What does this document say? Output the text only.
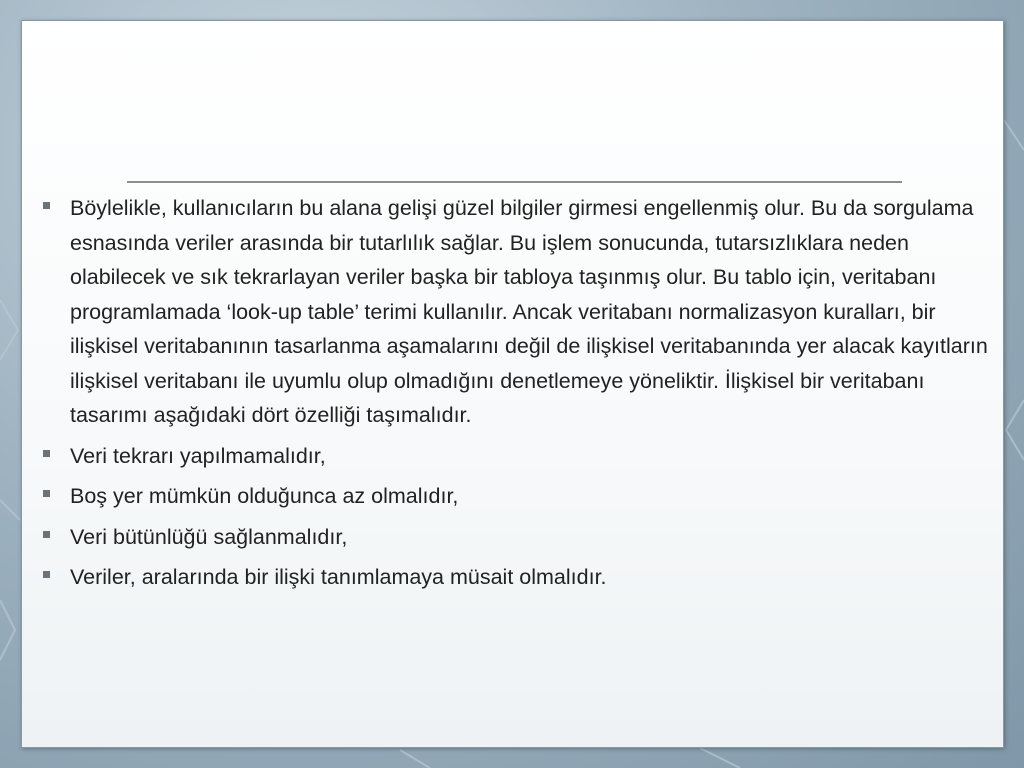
Böylelikle, kullanıcıların bu alana gelişi güzel bilgiler girmesi engellenmiş olur. Bu da sorgulama esnasında veriler arasında bir tutarlılık sağlar. Bu işlem sonucunda, tutarsızlıklara neden olabilecek ve sık tekrarlayan veriler başka bir tabloya taşınmış olur. Bu tablo için, veritabanı programlamada ‘look-up table’ terimi kullanılır. Ancak veritabanı normalizasyon kuralları, bir ilişkisel veritabanının tasarlanma aşamalarını değil de ilişkisel veritabanında yer alacak kayıtların ilişkisel veritabanı ile uyumlu olup olmadığını denetlemeye yöneliktir. İlişkisel bir veritabanı tasarımı aşağıdaki dört özelliği taşımalıdır.
Veri tekrarı yapılmamalıdır,
Boş yer mümkün olduğunca az olmalıdır,
Veri bütünlüğü sağlanmalıdır,
Veriler, aralarında bir ilişki tanımlamaya müsait olmalıdır.
